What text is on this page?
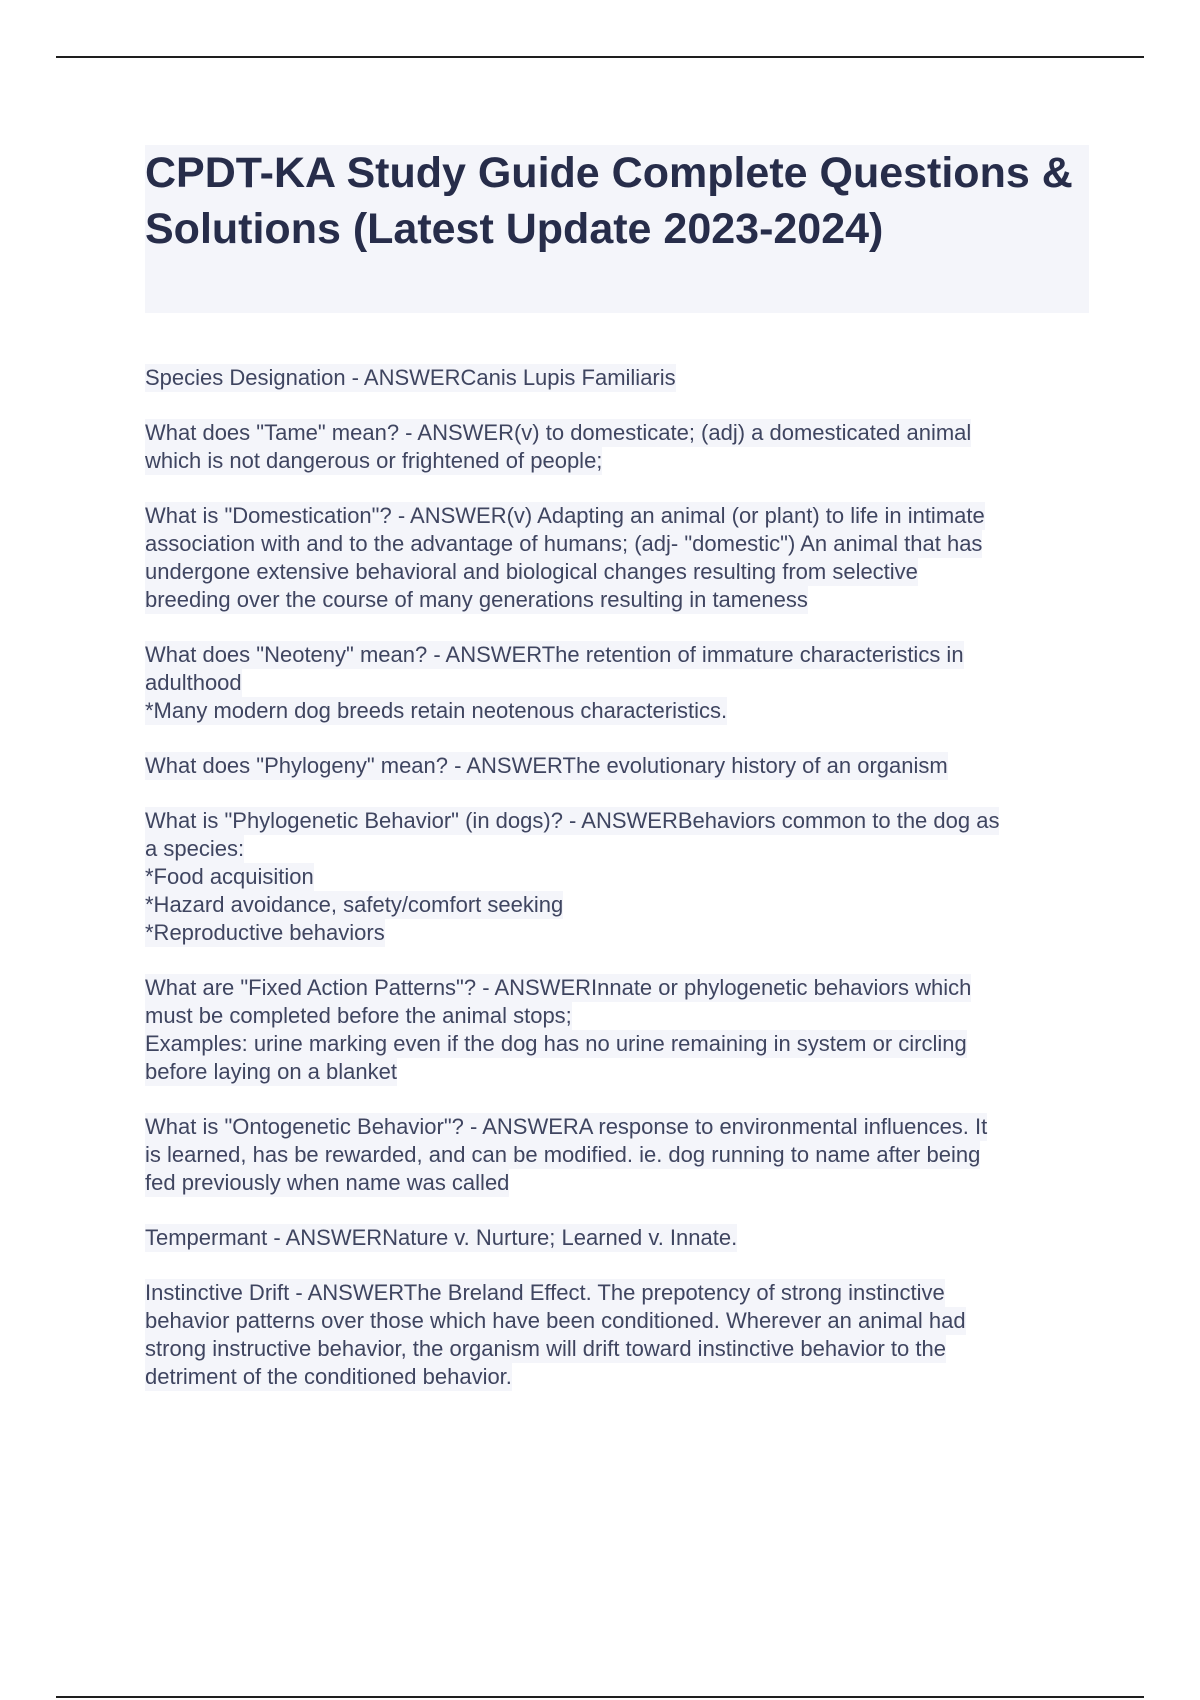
CPDT-KA Study Guide Complete Questions & Solutions (Latest Update 2023-2024)
Species Designation - ANSWERCanis Lupis Familiaris
What does "Tame" mean? - ANSWER(v) to domesticate; (adj) a domesticated animal
which is not dangerous or frightened of people;
What is "Domestication"? - ANSWER(v) Adapting an animal (or plant) to life in intimate
association with and to the advantage of humans; (adj- "domestic") An animal that has
undergone extensive behavioral and biological changes resulting from selective
breeding over the course of many generations resulting in tameness
What does "Neoteny" mean? - ANSWERThe retention of immature characteristics in
adulthood
*Many modern dog breeds retain neotenous characteristics.
What does "Phylogeny" mean? - ANSWERThe evolutionary history of an organism
What is "Phylogenetic Behavior" (in dogs)? - ANSWERBehaviors common to the dog as
a species:
*Food acquisition
*Hazard avoidance, safety/comfort seeking
*Reproductive behaviors
What are "Fixed Action Patterns"? - ANSWERInnate or phylogenetic behaviors which
must be completed before the animal stops;
Examples: urine marking even if the dog has no urine remaining in system or circling
before laying on a blanket
What is "Ontogenetic Behavior"? - ANSWERA response to environmental influences. It
is learned, has be rewarded, and can be modified. ie. dog running to name after being
fed previously when name was called
Tempermant - ANSWERNature v. Nurture; Learned v. Innate.
Instinctive Drift - ANSWERThe Breland Effect. The prepotency of strong instinctive
behavior patterns over those which have been conditioned. Wherever an animal had
strong instructive behavior, the organism will drift toward instinctive behavior to the
detriment of the conditioned behavior.
